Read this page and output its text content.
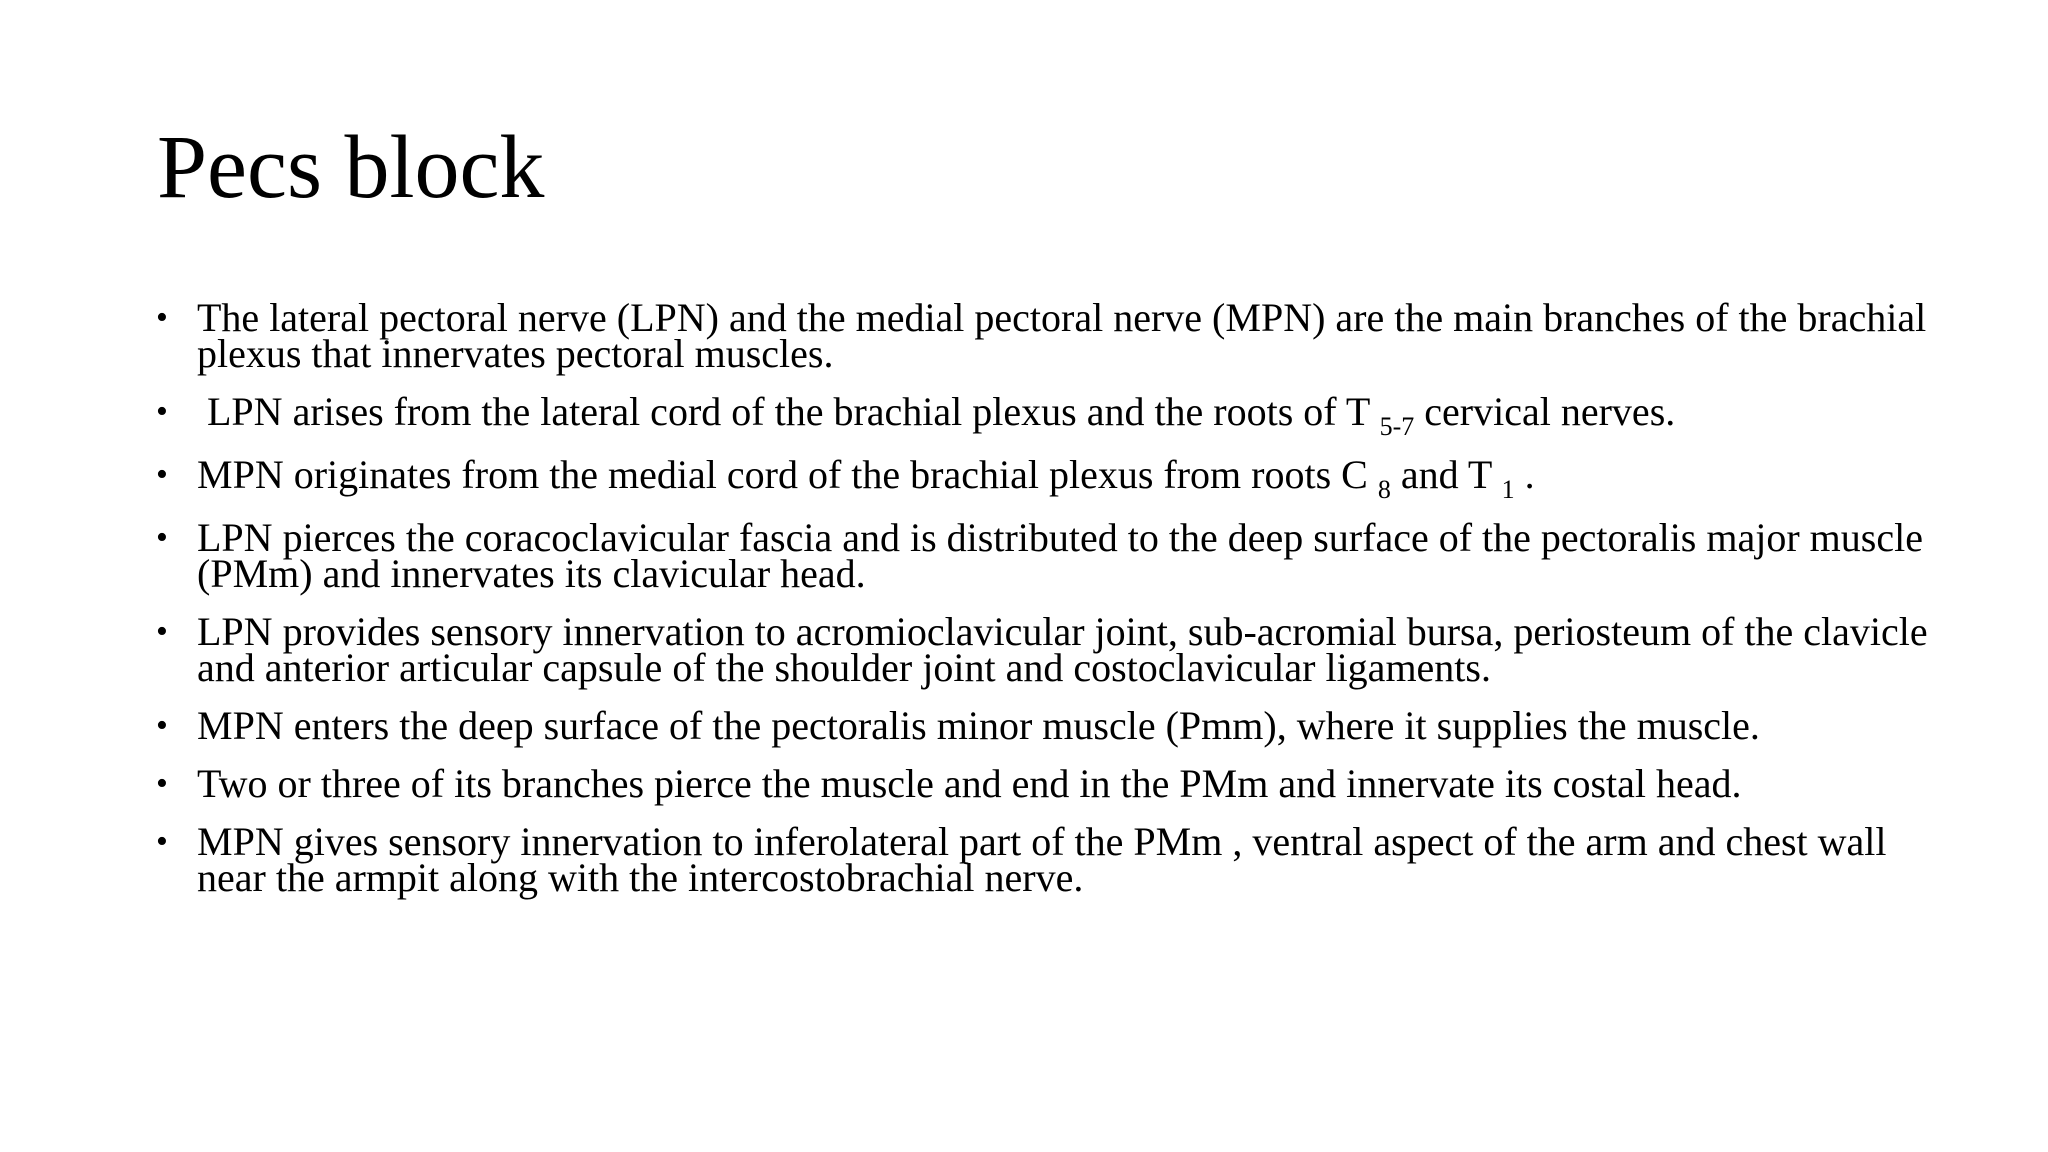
Pecs block
• The lateral pectoral nerve (LPN) and the medial pectoral nerve (MPN) are the main branches of the brachial plexus that innervates pectoral muscles.
• LPN arises from the lateral cord of the brachial plexus and the roots of T $_{5-7}$ cervical nerves.
• MPN originates from the medial cord of the brachial plexus from roots C $_8$ and T $_1$ .
• LPN pierces the coracoclavicular fascia and is distributed to the deep surface of the pectoralis major muscle (PMm) and innervates its clavicular head.
• LPN provides sensory innervation to acromioclavicular joint, sub-acromial bursa, periosteum of the clavicle and anterior articular capsule of the shoulder joint and costoclavicular ligaments.
• MPN enters the deep surface of the pectoralis minor muscle (Pmm), where it supplies the muscle.
• Two or three of its branches pierce the muscle and end in the PMm and innervate its costal head.
• MPN gives sensory innervation to inferolateral part of the PMm , ventral aspect of the arm and chest wall near the armpit along with the intercostobrachial nerve.
